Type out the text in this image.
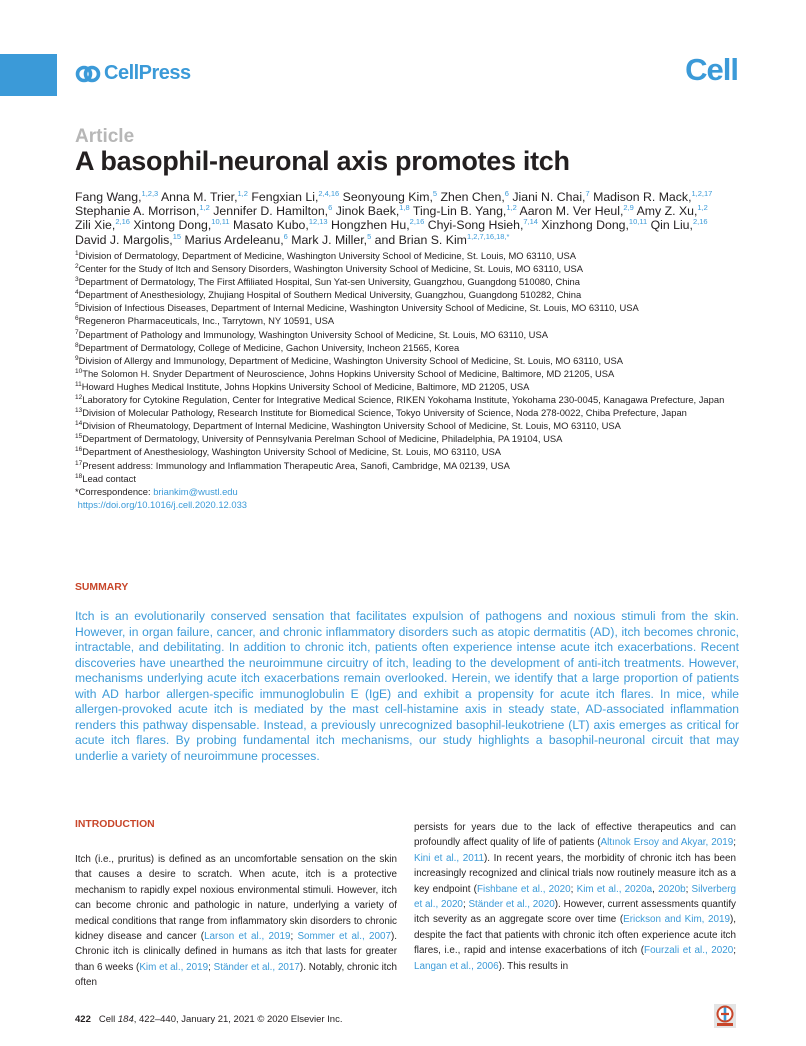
CellPress	Cell
Article
A basophil-neuronal axis promotes itch
Fang Wang,$^{1,2,3}$ Anna M. Trier,$^{1,2}$ Fengxian Li,$^{2,4,16}$ Seonyoung Kim,$^5$ Zhen Chen,$^6$ Jiani N. Chai,$^7$ Madison R. Mack,$^{1,2,17}$ Stephanie A. Morrison,$^{1,2}$ Jennifer D. Hamilton,$^6$ Jinok Baek,$^{1,8}$ Ting-Lin B. Yang,$^{1,2}$ Aaron M. Ver Heul,$^{2,9}$ Amy Z. Xu,$^{1,2}$ Zili Xie,$^{2,16}$ Xintong Dong,$^{10,11}$ Masato Kubo,$^{12,13}$ Hongzhen Hu,$^{2,16}$ Chyi-Song Hsieh,$^{7,14}$ Xinzhong Dong,$^{10,11}$ Qin Liu,$^{2,16}$ David J. Margolis,$^{15}$ Marius Ardeleanu,$^6$ Mark J. Miller,$^5$ and Brian S. Kim$^{1,2,7,16,18,*}$
$^1$Division of Dermatology, Department of Medicine, Washington University School of Medicine, St. Louis, MO 63110, USA
$^2$Center for the Study of Itch and Sensory Disorders, Washington University School of Medicine, St. Louis, MO 63110, USA
$^3$Department of Dermatology, The First Affiliated Hospital, Sun Yat-sen University, Guangzhou, Guangdong 510080, China
$^4$Department of Anesthesiology, Zhujiang Hospital of Southern Medical University, Guangzhou, Guangdong 510282, China
$^5$Division of Infectious Diseases, Department of Internal Medicine, Washington University School of Medicine, St. Louis, MO 63110, USA
$^6$Regeneron Pharmaceuticals, Inc., Tarrytown, NY 10591, USA
$^7$Department of Pathology and Immunology, Washington University School of Medicine, St. Louis, MO 63110, USA
$^8$Department of Dermatology, College of Medicine, Gachon University, Incheon 21565, Korea
$^9$Division of Allergy and Immunology, Department of Medicine, Washington University School of Medicine, St. Louis, MO 63110, USA
$^{10}$The Solomon H. Snyder Department of Neuroscience, Johns Hopkins University School of Medicine, Baltimore, MD 21205, USA
$^{11}$Howard Hughes Medical Institute, Johns Hopkins University School of Medicine, Baltimore, MD 21205, USA
$^{12}$Laboratory for Cytokine Regulation, Center for Integrative Medical Science, RIKEN Yokohama Institute, Yokohama 230-0045, Kanagawa Prefecture, Japan
$^{13}$Division of Molecular Pathology, Research Institute for Biomedical Science, Tokyo University of Science, Noda 278-0022, Chiba Prefecture, Japan
$^{14}$Division of Rheumatology, Department of Internal Medicine, Washington University School of Medicine, St. Louis, MO 63110, USA
$^{15}$Department of Dermatology, University of Pennsylvania Perelman School of Medicine, Philadelphia, PA 19104, USA
$^{16}$Department of Anesthesiology, Washington University School of Medicine, St. Louis, MO 63110, USA
$^{17}$Present address: Immunology and Inflammation Therapeutic Area, Sanofi, Cambridge, MA 02139, USA
$^{18}$Lead contact
*Correspondence: briankim@wustl.edu
https://doi.org/10.1016/j.cell.2020.12.033
SUMMARY
Itch is an evolutionarily conserved sensation that facilitates expulsion of pathogens and noxious stimuli from the skin. However, in organ failure, cancer, and chronic inflammatory disorders such as atopic dermatitis (AD), itch becomes chronic, intractable, and debilitating. In addition to chronic itch, patients often experience intense acute itch exacerbations. Recent discoveries have unearthed the neuroimmune circuitry of itch, leading to the development of anti-itch treatments. However, mechanisms underlying acute itch exacerbations remain overlooked. Herein, we identify that a large proportion of patients with AD harbor allergen-specific immunoglobulin E (IgE) and exhibit a propensity for acute itch flares. In mice, while allergen-provoked acute itch is mediated by the mast cell-histamine axis in steady state, AD-associated inflammation renders this pathway dispensable. Instead, a previously unrecognized basophil-leukotriene (LT) axis emerges as critical for acute itch flares. By probing fundamental itch mechanisms, our study highlights a basophil-neuronal circuit that may underlie a variety of neuroimmune processes.
INTRODUCTION
Itch (i.e., pruritus) is defined as an uncomfortable sensation on the skin that causes a desire to scratch. When acute, itch is a protective mechanism to rapidly expel noxious environmental stimuli. However, itch can become chronic and pathologic in nature, underlying a variety of medical conditions that range from inflammatory skin disorders to chronic kidney disease and cancer (Larson et al., 2019; Sommer et al., 2007). Chronic itch is clinically defined in humans as itch that lasts for greater than 6 weeks (Kim et al., 2019; Ständer et al., 2017). Notably, chronic itch often
persists for years due to the lack of effective therapeutics and can profoundly affect quality of life of patients (Altınok Ersoy and Akyar, 2019; Kini et al., 2011). In recent years, the morbidity of chronic itch has been increasingly recognized and clinical trials now routinely measure itch as a key endpoint (Fishbane et al., 2020; Kim et al., 2020a, 2020b; Silverberg et al., 2020; Ständer et al., 2020). However, current assessments quantify itch severity as an aggregate score over time (Erickson and Kim, 2019), despite the fact that patients with chronic itch often experience acute itch flares, i.e., rapid and intense exacerbations of itch (Fourzali et al., 2020; Langan et al., 2006). This results in
422 Cell 184, 422–440, January 21, 2021 © 2020 Elsevier Inc.
